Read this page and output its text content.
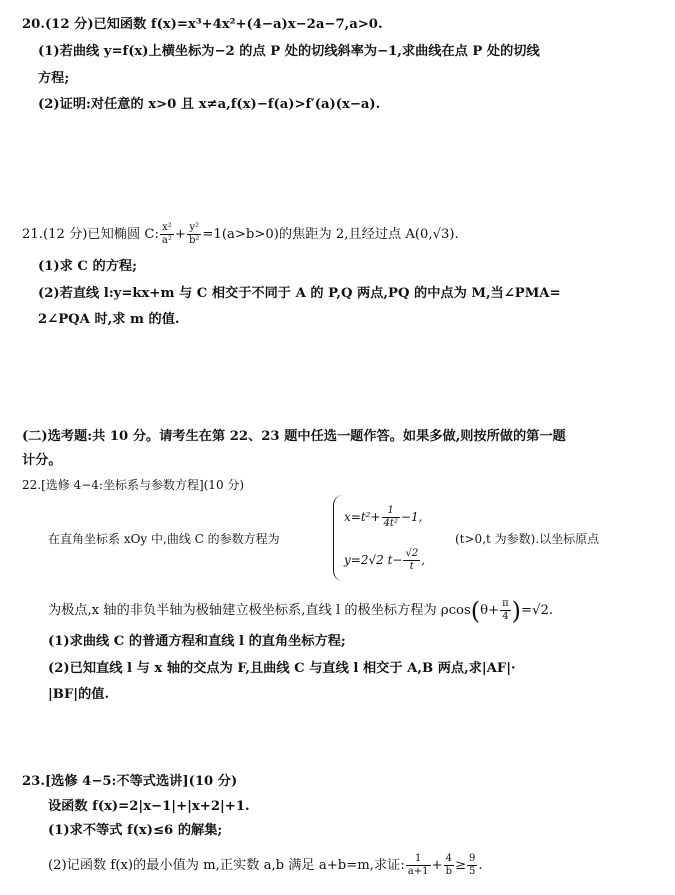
20.(12 分)已知函数 f(x)=x³+4x²+(4−a)x−2a−7,a>0.
(1)若曲线 y=f(x)上横坐标为−2 的点 P 处的切线斜率为−1,求曲线在点 P 处的切线
方程;
(2)证明:对任意的 x>0 且 x≠a,f(x)−f(a)>f′(a)(x−a).
21.(12 分)已知椭圆 C: $\frac{\text{x²}}{\text{a²}} + \frac{\text{y²}}{\text{b²}} =1(a>b>0)$的焦距为 2,且经过点 A(0,√3).
(1)求 C 的方程;
(2)若直线 l:y=kx+m 与 C 相交于不同于 A 的 P,Q 两点,PQ 的中点为 M,当∠PMA=
2∠PQA 时,求 m 的值.
(二)选考题:共 10 分。请考生在第 22、23 题中任选一题作答。如果多做,则按所做的第一题
计分。
22.[选修 4−4:坐标系与参数方程](10 分)
在直角坐标系 xOy 中,曲线 C 的参数方程为
$x=t^2+ \frac{1}{\text{4t²}} -1$,
y=2√2 $t- \frac{√2}{t}$ ,
(t>0,t 为参数).以坐标原点
为极点,x 轴的非负半轴为极轴建立极坐标系,直线 l 的极坐标方程为 $\rho\cos(\theta+ \frac{\pi}{4} )=√2$.
(1)求曲线 C 的普通方程和直线 l 的直角坐标方程;
(2)已知直线 l 与 x 轴的交点为 F,且曲线 C 与直线 l 相交于 A,B 两点,求|AF|·
|BF|的值.
23.[选修 4−5:不等式选讲](10 分)
设函数 f(x)=2|x−1|+|x+2|+1.
(1)求不等式 f(x)≤6 的解集;
(2)记函数 f(x)的最小值为 m,正实数 a,b 满足 a+b=m,求证: $\frac{1}{a+1} + \frac{4}{b} \ge \frac{9}{5}$ .
